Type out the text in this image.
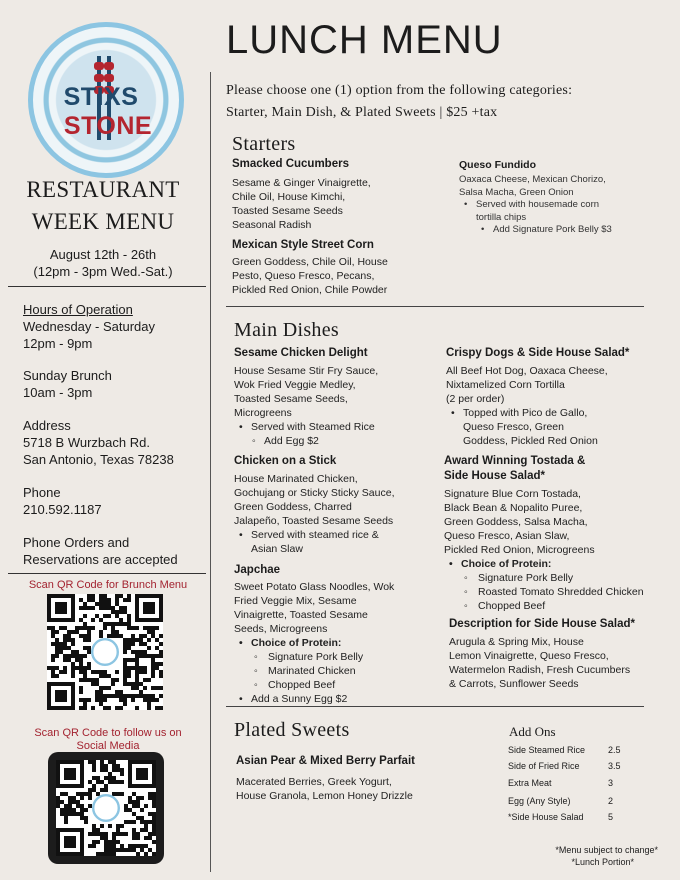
STIXSSTONE
RESTAURANT
WEEK MENU
August 12th - 26th
(12pm - 3pm Wed.-Sat.)
Hours of Operation
Wednesday - Saturday
12pm - 9pm
Sunday Brunch
10am - 3pm
Address
5718 B Wurzbach Rd.
San Antonio, Texas 78238
Phone
210.592.1187
Phone Orders and
Reservations are accepted
Scan QR Code for Brunch Menu
Scan QR Code to follow us on
Social Media
LUNCH MENU
Please choose one (1) option from the following categories:
Starter, Main Dish, & Plated Sweets | $25 +tax
Starters
Smacked Cucumbers
Sesame & Ginger Vinaigrette,
Chile Oil, House Kimchi,
Toasted Sesame Seeds
Seasonal Radish
Mexican Style Street Corn
Green Goddess, Chile Oil, House
Pesto, Queso Fresco, Pecans,
Pickled Red Onion, Chile Powder
Queso Fundido
Oaxaca Cheese, Mexican Chorizo,
Salsa Macha, Green Onion
• Served with housemade corn
tortilla chips
• Add Signature Pork Belly $3
Main Dishes
Sesame Chicken Delight
House Sesame Stir Fry Sauce,
Wok Fried Veggie Medley,
Toasted Sesame Seeds,
Microgreens
• Served with Steamed Rice
◦ Add Egg $2
Chicken on a Stick
House Marinated Chicken,
Gochujang or Sticky Sticky Sauce,
Green Goddess, Charred
Jalapeño, Toasted Sesame Seeds
• Served with steamed rice &
Asian Slaw
Japchae
Sweet Potato Glass Noodles, Wok
Fried Veggie Mix, Sesame
Vinaigrette, Toasted Sesame
Seeds, Microgreens
• Choice of Protein:
◦ Signature Pork Belly
◦ Marinated Chicken
◦ Chopped Beef
• Add a Sunny Egg $2
Crispy Dogs & Side House Salad*
All Beef Hot Dog, Oaxaca Cheese,
Nixtamelized Corn Tortilla
(2 per order)
• Topped with Pico de Gallo,
Queso Fresco, Green
Goddess, Pickled Red Onion
Award Winning Tostada &
Side House Salad*
Signature Blue Corn Tostada,
Black Bean & Nopalito Puree,
Green Goddess, Salsa Macha,
Queso Fresco, Asian Slaw,
Pickled Red Onion, Microgreens
• Choice of Protein:
◦ Signature Pork Belly
◦ Roasted Tomato Shredded Chicken
◦ Chopped Beef
Description for Side House Salad*
Arugula & Spring Mix, House
Lemon Vinaigrette, Queso Fresco,
Watermelon Radish, Fresh Cucumbers
& Carrots, Sunflower Seeds
Plated Sweets
Asian Pear & Mixed Berry Parfait
Macerated Berries, Greek Yogurt,
House Granola, Lemon Honey Drizzle
Add Ons
Side Steamed Rice	2.5
Side of Fried Rice	3.5
Extra Meat	3
Egg (Any Style)	2
*Side House Salad	5
*Menu subject to change*
*Lunch Portion*
